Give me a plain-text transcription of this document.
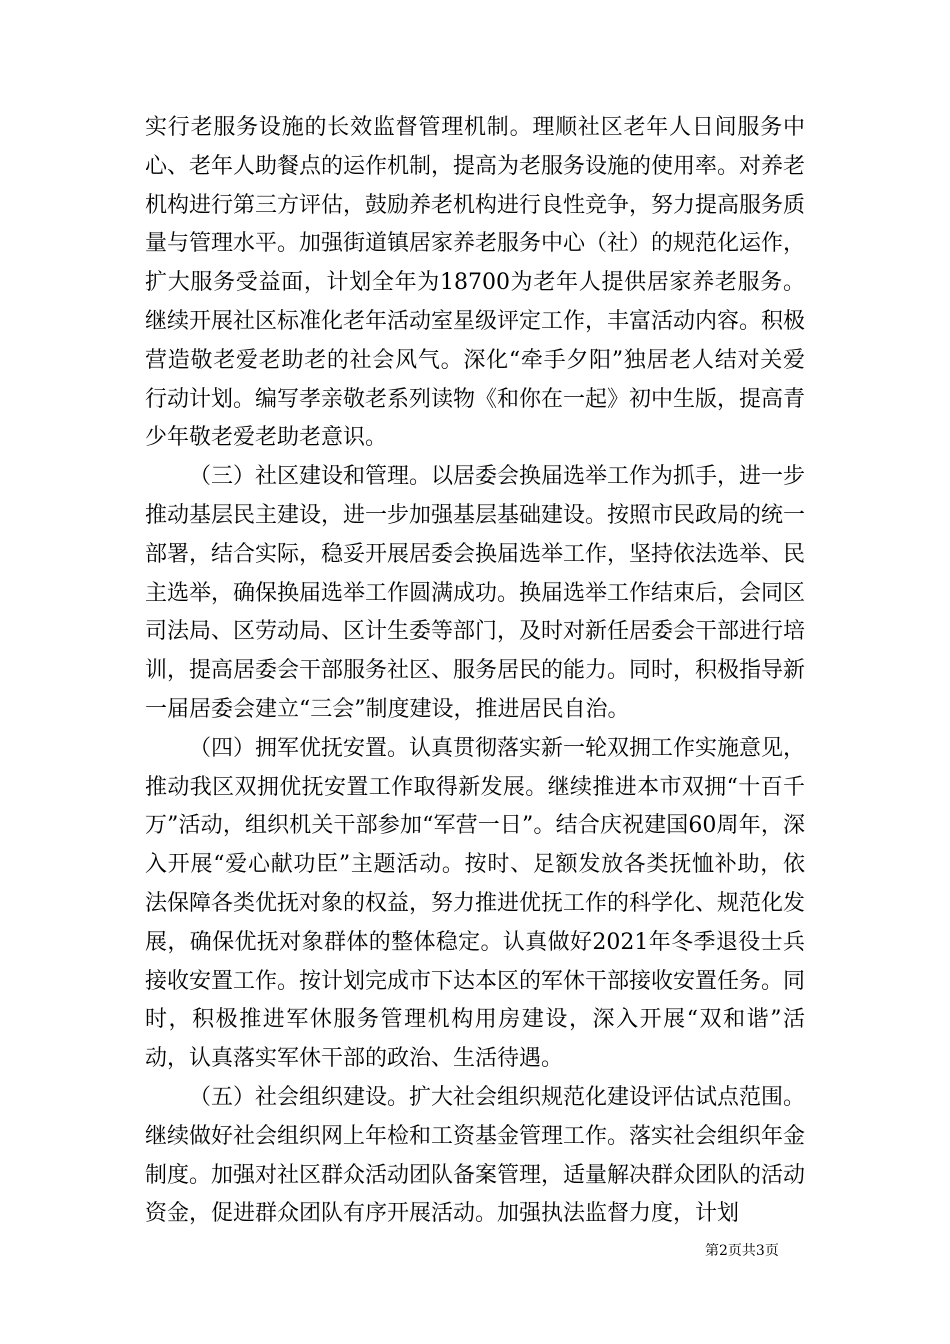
实行老服务设施的长效监督管理机制。理顺社区老年人日间服务中心、老年人助餐点的运作机制，提高为老服务设施的使用率。对养老机构进行第三方评估，鼓励养老机构进行良性竞争，努力提高服务质量与管理水平。加强街道镇居家养老服务中心（社）的规范化运作，扩大服务受益面，计划全年为18700为老年人提供居家养老服务。继续开展社区标准化老年活动室星级评定工作，丰富活动内容。积极营造敬老爱老助老的社会风气。深化“牵手夕阳”独居老人结对关爱行动计划。编写孝亲敬老系列读物《和你在一起》初中生版，提高青少年敬老爱老助老意识。

（三）社区建设和管理。以居委会换届选举工作为抓手，进一步推动基层民主建设，进一步加强基层基础建设。按照市民政局的统一部署，结合实际，稳妥开展居委会换届选举工作，坚持依法选举、民主选举，确保换届选举工作圆满成功。换届选举工作结束后，会同区司法局、区劳动局、区计生委等部门，及时对新任居委会干部进行培训，提高居委会干部服务社区、服务居民的能力。同时，积极指导新一届居委会建立“三会”制度建设，推进居民自治。

（四）拥军优抚安置。认真贯彻落实新一轮双拥工作实施意见，推动我区双拥优抚安置工作取得新发展。继续推进本市双拥“十百千万”活动，组织机关干部参加“军营一日”。结合庆祝建国60周年，深入开展“爱心献功臣”主题活动。按时、足额发放各类抚恤补助，依法保障各类优抚对象的权益，努力推进优抚工作的科学化、规范化发展，确保优抚对象群体的整体稳定。认真做好2021年冬季退役士兵接收安置工作。按计划完成市下达本区的军休干部接收安置任务。同时，积极推进军休服务管理机构用房建设，深入开展“双和谐”活动，认真落实军休干部的政治、生活待遇。

（五）社会组织建设。扩大社会组织规范化建设评估试点范围。继续做好社会组织网上年检和工资基金管理工作。落实社会组织年金制度。加强对社区群众活动团队备案管理，适量解决群众团队的活动资金，促进群众团队有序开展活动。加强执法监督力度，计划

第2页共3页
